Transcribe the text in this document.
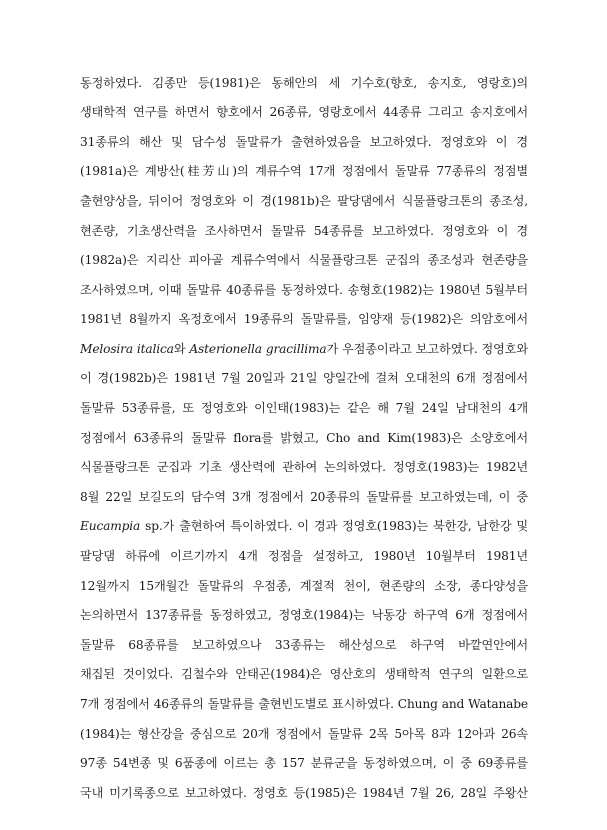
동정하였다. 김종만 등(1981)은 동해안의 세 기수호(향호, 송지호, 영랑호)의
생태학적 연구를 하면서 향호에서 26종류, 영랑호에서 44종류 그리고 송지호에서
31종류의 해산 및 담수성 돌말류가 출현하였음을 보고하였다. 정영호와 이 경
(1981a)은 계방산(桂芳山)의 계류수역 17개 정점에서 돌말류 77종류의 정점별
출현양상을, 뒤이어 정영호와 이 경(1981b)은 팔당댐에서 식물플랑크톤의 종조성,
현존량, 기초생산력을 조사하면서 돌말류 54종류를 보고하였다. 정영호와 이 경
(1982a)은 지리산 피아골 계류수역에서 식물플랑크톤 군집의 종조성과 현존량을
조사하였으며, 이때 돌말류 40종류를 동정하였다. 송형호(1982)는 1980년 5월부터
1981년 8월까지 옥정호에서 19종류의 돌말류를, 임양재 등(1982)은 의암호에서
Melosira italica와 Asterionella gracillima가 우점종이라고 보고하였다. 정영호와
이 경(1982b)은 1981년 7월 20일과 21일 양일간에 걸쳐 오대천의 6개 정점에서
돌말류 53종류를, 또 정영호와 이인태(1983)는 같은 해 7월 24일 남대천의 4개
정점에서 63종류의 돌말류 flora를 밝혔고, Cho and Kim(1983)은 소양호에서
식물플랑크톤 군집과 기초 생산력에 관하여 논의하였다. 정영호(1983)는 1982년
8월 22일 보길도의 담수역 3개 정점에서 20종류의 돌말류를 보고하였는데, 이 중
Eucampia sp.가 출현하여 특이하였다. 이 경과 정영호(1983)는 북한강, 남한강 및
팔당댐 하류에 이르기까지 4개 정점을 설정하고, 1980년 10월부터 1981년
12월까지 15개월간 돌말류의 우점종, 계절적 천이, 현존량의 소장, 종다양성을
논의하면서 137종류를 동정하였고, 정영호(1984)는 낙동강 하구역 6개 정점에서
돌말류 68종류를 보고하였으나 33종류는 해산성으로 하구역 바깥연안에서
채집된 것이었다. 김철수와 안태곤(1984)은 영산호의 생태학적 연구의 일환으로
7개 정점에서 46종류의 돌말류를 출현빈도별로 표시하였다. Chung and Watanabe
(1984)는 형산강을 중심으로 20개 정점에서 돌말류 2목 5아목 8과 12아과 26속
97종 54변종 및 6품종에 이르는 총 157 분류군을 동정하였으며, 이 중 69종류를
국내 미기록종으로 보고하였다. 정영호 등(1985)은 1984년 7월 26, 28일 주왕산
